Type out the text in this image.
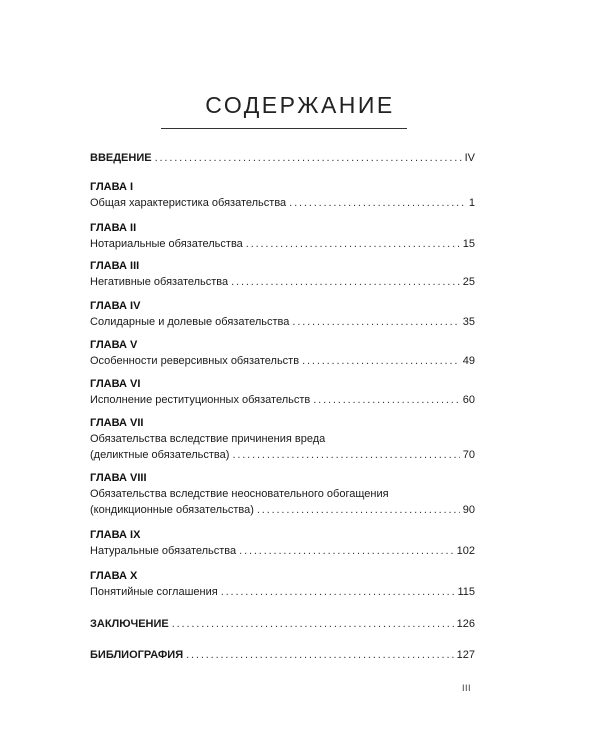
СОДЕРЖАНИЕ
ВВЕДЕНИЕ . . .	IV
ГЛАВА I
Общая характеристика обязательства . . .	1
ГЛАВА II
Нотариальные обязательства . . .	15
ГЛАВА III
Негативные обязательства . . .	25
ГЛАВА IV
Солидарные и долевые обязательства . . .	35
ГЛАВА V
Особенности реверсивных обязательств . . .	49
ГЛАВА VI
Исполнение реституционных обязательств . . .	60
ГЛАВА VII
Обязательства вследствие причинения вреда
(деликтные обязательства) . . .	70
ГЛАВА VIII
Обязательства вследствие неосновательного обогащения
(кондикционные обязательства) . . .	90
ГЛАВА IX
Натуральные обязательства . . .	102
ГЛАВА X
Понятийные соглашения . . .	115
ЗАКЛЮЧЕНИЕ . . .	126
БИБЛИОГРАФИЯ . . .	127
III
